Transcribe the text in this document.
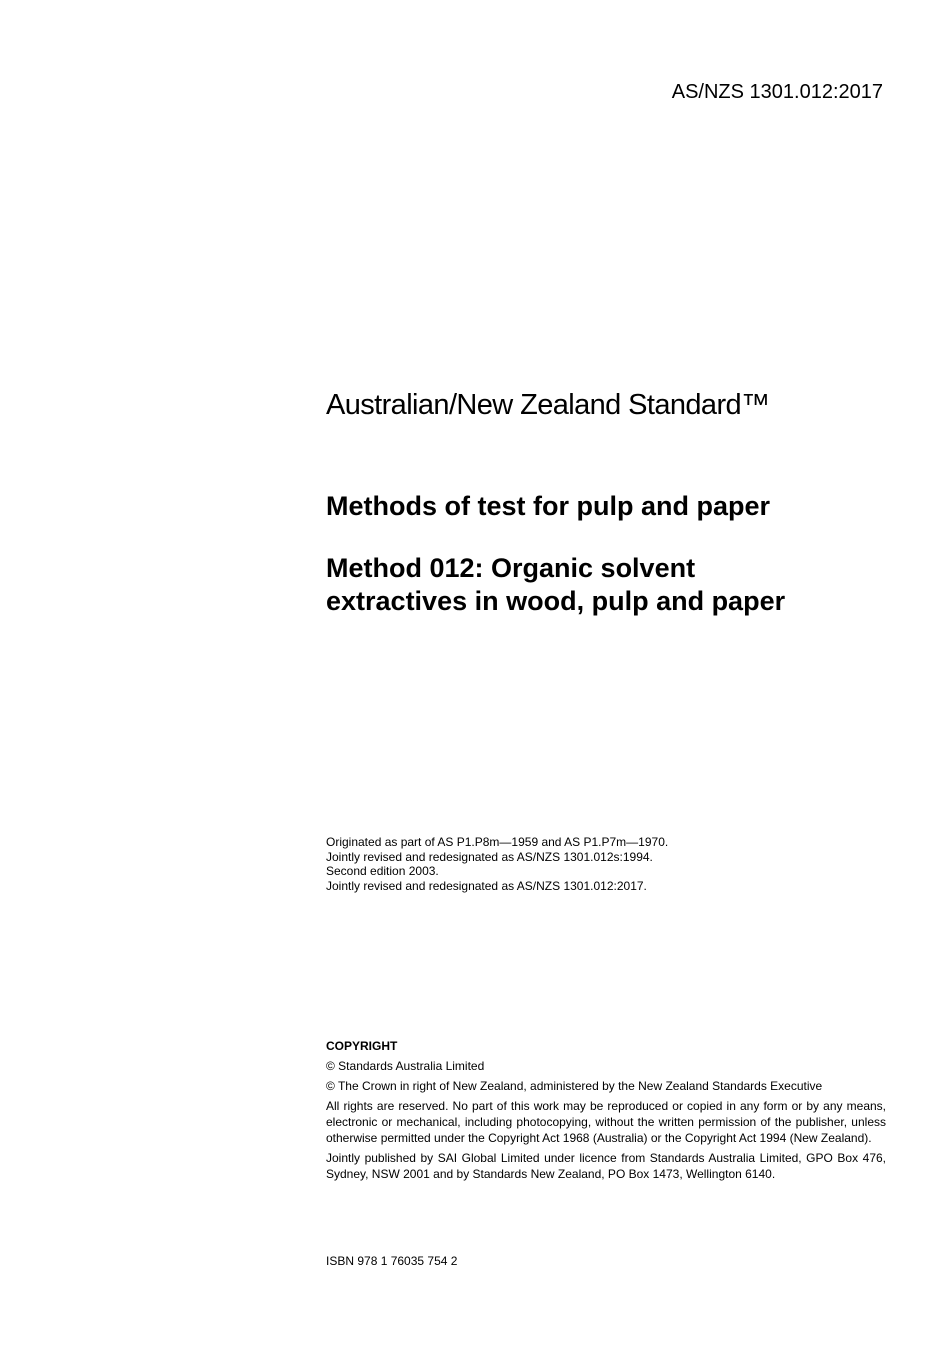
AS/NZS 1301.012:2017
Australian/New Zealand Standard™
Methods of test for pulp and paper
Method 012: Organic solvent
extractives in wood, pulp and paper
Originated as part of AS P1.P8m—1959 and AS P1.P7m—1970.
Jointly revised and redesignated as AS/NZS 1301.012s:1994.
Second edition 2003.
Jointly revised and redesignated as AS/NZS 1301.012:2017.
COPYRIGHT
© Standards Australia Limited
© The Crown in right of New Zealand, administered by the New Zealand Standards Executive
All rights are reserved. No part of this work may be reproduced or copied in any form or by any means, electronic or mechanical, including photocopying, without the written permission of the publisher, unless otherwise permitted under the Copyright Act 1968 (Australia) or the Copyright Act 1994 (New Zealand).
Jointly published by SAI Global Limited under licence from Standards Australia Limited, GPO Box 476, Sydney, NSW 2001 and by Standards New Zealand, PO Box 1473, Wellington 6140.
ISBN 978 1 76035 754 2
